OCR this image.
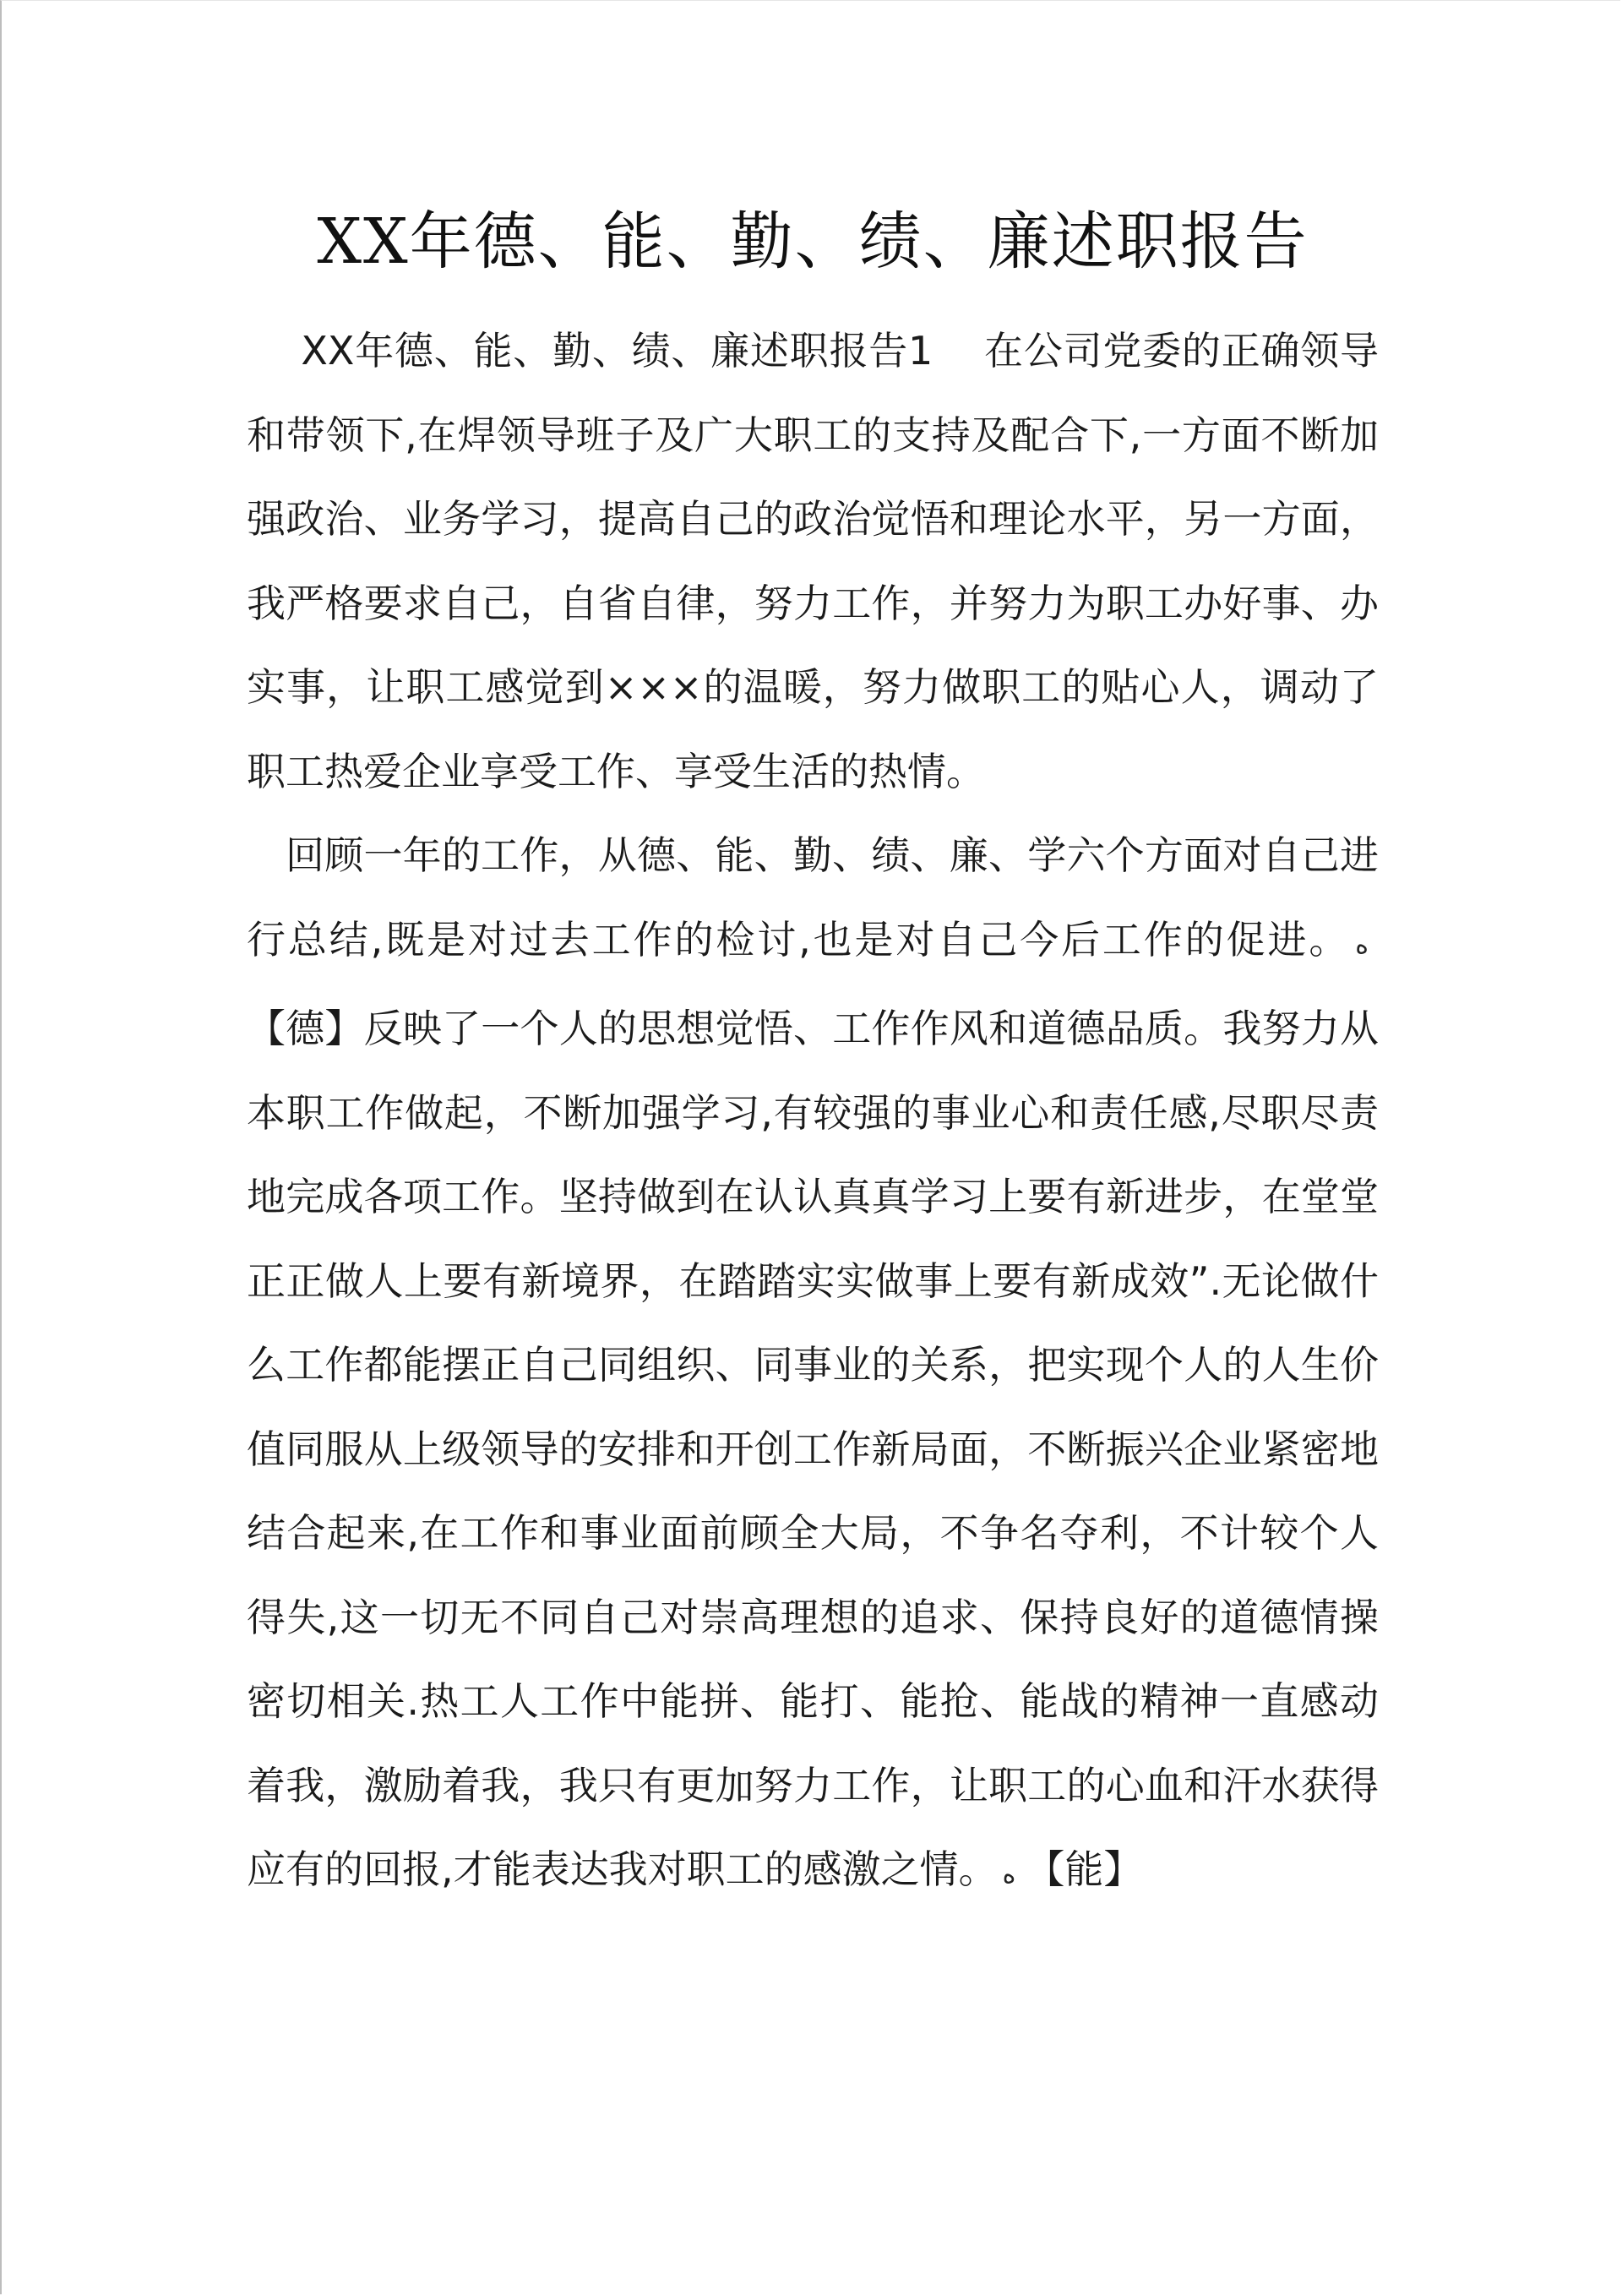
XX年德、能、勤、绩、廉述职报告

XX年德、能、勤、绩、廉述职报告1 在公司党委的正确领导和带领下,在焊领导班子及广大职工的支持及配合下,一方面不断加强政治、业务学习，提高自己的政治觉悟和理论水平，另一方面，我严格要求自己，自省自律，努力工作，并努力为职工办好事、办实事，让职工感觉到×××的温暖，努力做职工的贴心人，调动了职工热爱企业享受工作、享受生活的热情。

回顾一年的工作，从德、能、勤、绩、廉、学六个方面对自己进行总结,既是对过去工作的检讨,也是对自己今后工作的促进。 ه【德】反映了一个人的思想觉悟、工作作风和道德品质。我努力从本职工作做起，不断加强学习,有较强的事业心和责任感,尽职尽责地完成各项工作。坚持做到在认认真真学习上要有新进步，在堂堂正正做人上要有新境界，在踏踏实实做事上要有新成效”.无论做什么工作都能摆正自己同组织、同事业的关系，把实现个人的人生价值同服从上级领导的安排和开创工作新局面，不断振兴企业紧密地结合起来,在工作和事业面前顾全大局，不争名夺利，不计较个人得失,这一切无不同自己对崇高理想的追求、保持良好的道德情操密切相关.热工人工作中能拼、能打、能抢、能战的精神一直感动着我，激励着我，我只有更加努力工作，让职工的心血和汗水获得应有的回报,才能表达我对职工的感激之情。 ه 【能】
